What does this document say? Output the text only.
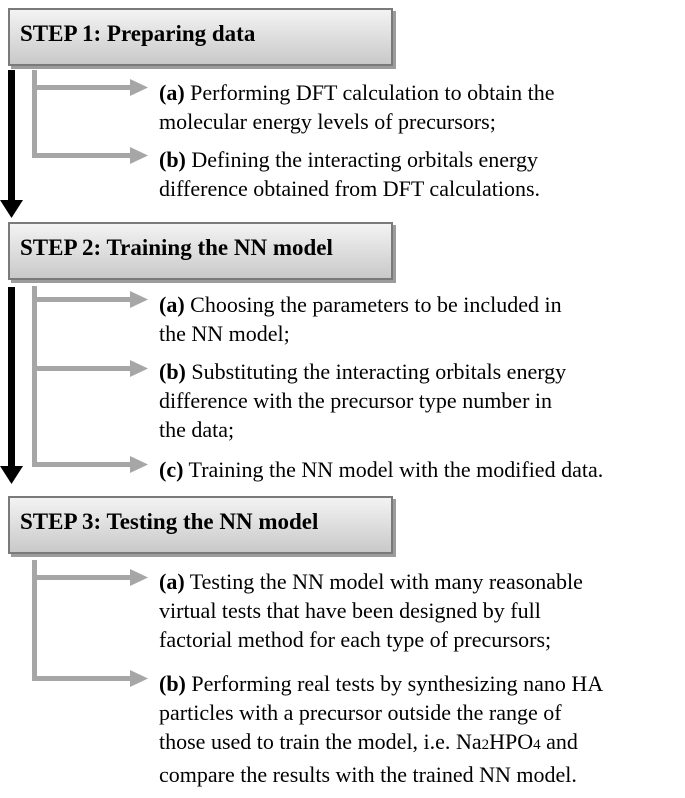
STEP 1: Preparing data
(a) Performing DFT calculation to obtain the
molecular energy levels of precursors;
(b) Defining the interacting orbitals energy
difference obtained from DFT calculations.
STEP 2: Training the NN model
(a) Choosing the parameters to be included in
the NN model;
(b) Substituting the interacting orbitals energy
difference with the precursor type number in
the data;
(c) Training the NN model with the modified data.
STEP 3: Testing the NN model
(a) Testing the NN model with many reasonable
virtual tests that have been designed by full
factorial method for each type of precursors;
(b) Performing real tests by synthesizing nano HA
particles with a precursor outside the range of
those used to train the model, i.e. Na2HPO4 and
compare the results with the trained NN model.
